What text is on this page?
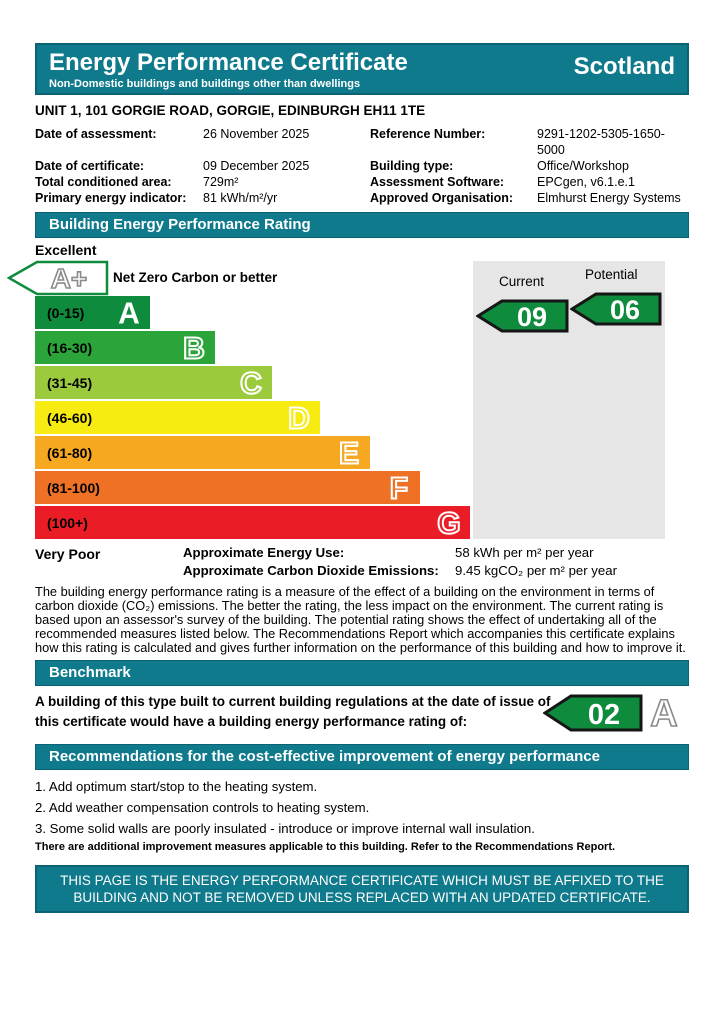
Energy Performance Certificate
Non-Domestic buildings and buildings other than dwellings
Scotland
UNIT 1, 101 GORGIE ROAD, GORGIE, EDINBURGH EH11 1TE
Date of assessment:	26 November 2025	Reference Number:	9291-1202-5305-1650-5000
Date of certificate:	09 December 2025	Building type:	Office/Workshop
Total conditioned area:	729m²	Assessment Software:	EPCgen, v6.1.e.1
Primary energy indicator:	81 kWh/m²/yr	Approved Organisation:	Elmhurst Energy Systems
Building Energy Performance Rating
Excellent
Current	Potential
09 06
A+ Net Zero Carbon or better
(0-15) A
(16-30)	B
(31-45)	C
(46-60)	D
(61-80)	E
(81-100)	F
(100+)	G
Very Poor	Approximate Energy Use:	58 kWh per m² per year
Approximate Carbon Dioxide Emissions: 9.45 kgCO₂ per m² per year
The building energy performance rating is a measure of the effect of a building on the environment in terms of carbon dioxide (CO₂) emissions. The better the rating, the less impact on the environment. The current rating is based upon an assessor's survey of the building. The potential rating shows the effect of undertaking all of the recommended measures listed below. The Recommendations Report which accompanies this certificate explains how this rating is calculated and gives further information on the performance of this building and how to improve it.
Benchmark
A building of this type built to current building regulations at the date of issue of this certificate would have a building energy performance rating of:	02 A
Recommendations for the cost-effective improvement of energy performance
1. Add optimum start/stop to the heating system.
2. Add weather compensation controls to heating system.
3. Some solid walls are poorly insulated - introduce or improve internal wall insulation.
There are additional improvement measures applicable to this building. Refer to the Recommendations Report.
THIS PAGE IS THE ENERGY PERFORMANCE CERTIFICATE WHICH MUST BE AFFIXED TO THE BUILDING AND NOT BE REMOVED UNLESS REPLACED WITH AN UPDATED CERTIFICATE.
